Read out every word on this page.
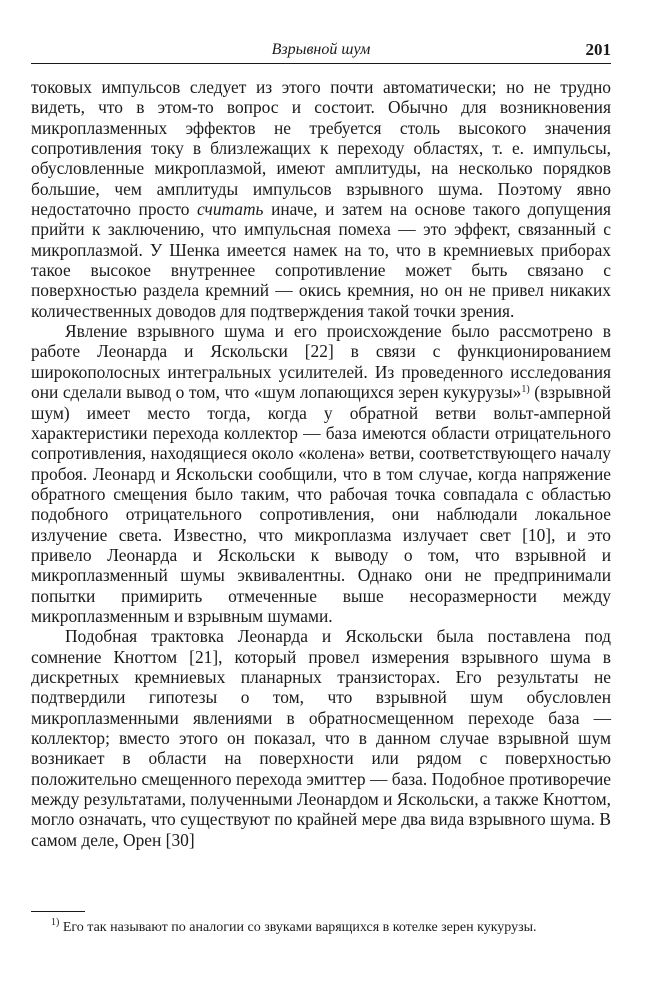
Взрывной шум	201

токовых импульсов следует из этого почти автоматически; но не трудно видеть, что в этом-то вопрос и состоит. Обычно для возникновения микроплазменных эффектов не требуется столь высокого значения сопротивления току в близлежащих к переходу областях, т. е. импульсы, обусловленные микроплазмой, имеют амплитуды, на несколько порядков большие, чем амплитуды импульсов взрывного шума. Поэтому явно недостаточно просто считать иначе, и затем на основе такого допущения прийти к заключению, что импульсная помеха — это эффект, связанный с микроплазмой. У Шенка имеется намек на то, что в кремниевых приборах такое высокое внутреннее сопротивление может быть связано с поверхностью раздела кремний — окись кремния, но он не привел никаких количественных доводов для подтверждения такой точки зрения.

Явление взрывного шума и его происхождение было рассмотрено в работе Леонарда и Яскольски [22] в связи с функционированием широкополосных интегральных усилителей. Из проведенного исследования они сделали вывод о том, что «шум лопающихся зерен кукурузы»$^{1)}$ (взрывной шум) имеет место тогда, когда у обратной ветви вольт-амперной характеристики перехода коллектор — база имеются области отрицательного сопротивления, находящиеся около «колена» ветви, соответствующего началу пробоя. Леонард и Яскольски сообщили, что в том случае, когда напряжение обратного смещения было таким, что рабочая точка совпадала с областью подобного отрицательного сопротивления, они наблюдали локальное излучение света. Известно, что микроплазма излучает свет [10], и это привело Леонарда и Яскольски к выводу о том, что взрывной и микроплазменный шумы эквивалентны. Однако они не предпринимали попытки примирить отмеченные выше несоразмерности между микроплазменным и взрывным шумами.

Подобная трактовка Леонарда и Яскольски была поставлена под сомнение Кноттом [21], который провел измерения взрывного шума в дискретных кремниевых планарных транзисторах. Его результаты не подтвердили гипотезы о том, что взрывной шум обусловлен микроплазменными явлениями в обратносмещенном переходе база — коллектор; вместо этого он показал, что в данном случае взрывной шум возникает в области на поверхности или рядом с поверхностью положительно смещенного перехода эмиттер — база. Подобное противоречие между результатами, полученными Леонардом и Яскольски, а также Кноттом, могло означать, что существуют по крайней мере два вида взрывного шума. В самом деле, Орен [30]

$^{1)}$ Его так называют по аналогии со звуками варящихся в котелке зерен кукурузы.
